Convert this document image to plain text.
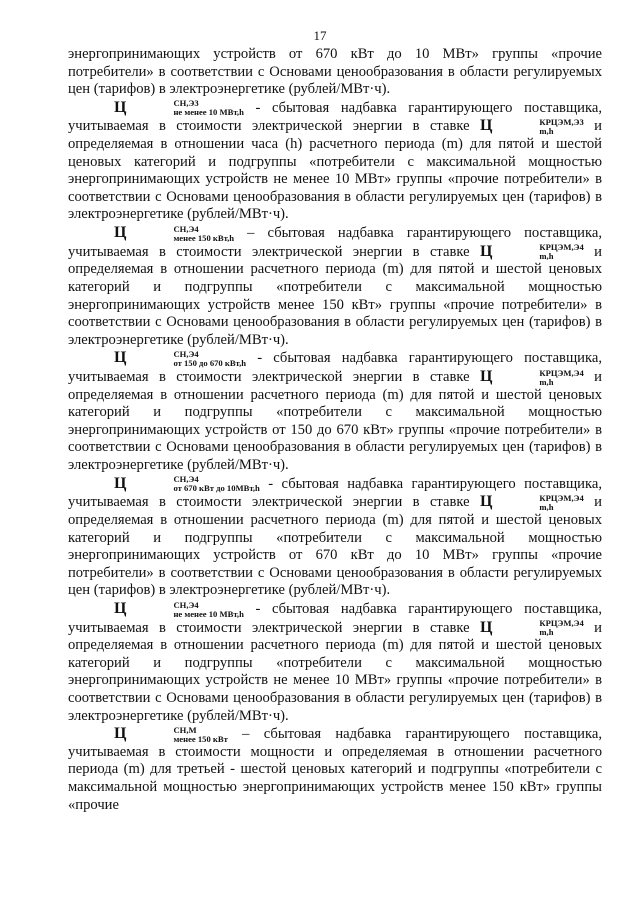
17

энергопринимающих устройств от 670 кВт до 10 МВт» группы «прочие потребители» в соответствии с Основами ценообразования в области регулируемых цен (тарифов) в электроэнергетике (рублей/МВт·ч).

Ц	СН,Э3
не менее 10 МВт,h - сбытовая надбавка гарантирующего поставщика, учитываемая в стоимости электрической энергии в ставке Ц	КРЦЭМ,Э3
m,h	и определяемая в отношении часа (h) расчетного периода (m) для пятой и шестой ценовых категорий и подгруппы «потребители с максимальной мощностью энергопринимающих устройств не менее 10 МВт» группы «прочие потребители» в соответствии с Основами ценообразования в области регулируемых цен (тарифов) в электроэнергетике (рублей/МВт·ч).

Ц	СН,Э4
менее 150 кВт,h – сбытовая надбавка гарантирующего поставщика, учитываемая в стоимости электрической энергии в ставке Ц	КРЦЭМ,Э4
m,h	и определяемая в отношении расчетного периода (m) для пятой и шестой ценовых категорий и подгруппы «потребители с максимальной мощностью энергопринимающих устройств менее 150 кВт» группы «прочие потребители» в соответствии с Основами ценообразования в области регулируемых цен (тарифов) в электроэнергетике (рублей/МВт·ч).

Ц	СН,Э4
от 150 до 670 кВт,h - сбытовая надбавка гарантирующего поставщика, учитываемая в стоимости электрической энергии в ставке Ц	КРЦЭМ,Э4
m,h	и определяемая в отношении расчетного периода (m) для пятой и шестой ценовых категорий и подгруппы «потребители с максимальной мощностью энергопринимающих устройств от 150 до 670 кВт» группы «прочие потребители» в соответствии с Основами ценообразования в области регулируемых цен (тарифов) в электроэнергетике (рублей/МВт·ч).

Ц	СН,Э4
от 670 кВт до 10МВт,h - сбытовая надбавка гарантирующего поставщика, учитываемая в стоимости электрической энергии в ставке Ц	КРЦЭМ,Э4
m,h	и определяемая в отношении расчетного периода (m) для пятой и шестой ценовых категорий и подгруппы «потребители с максимальной мощностью энергопринимающих устройств от 670 кВт до 10 МВт» группы «прочие потребители» в соответствии с Основами ценообразования в области регулируемых цен (тарифов) в электроэнергетике (рублей/МВт·ч).

Ц	СН,Э4
не менее 10 МВт,h - сбытовая надбавка гарантирующего поставщика, учитываемая в стоимости электрической энергии в ставке Ц	КРЦЭМ,Э4
m,h	и определяемая в отношении расчетного периода (m) для пятой и шестой ценовых категорий и подгруппы «потребители с максимальной мощностью энергопринимающих устройств не менее 10 МВт» группы «прочие потребители» в соответствии с Основами ценообразования в области регулируемых цен (тарифов) в электроэнергетике (рублей/МВт·ч).

Ц	СН,М
менее 150 кВт – сбытовая надбавка гарантирующего поставщика, учитываемая в стоимости мощности и определяемая в отношении расчетного периода (m) для третьей - шестой ценовых категорий и подгруппы «потребители с максимальной мощностью энергопринимающих устройств менее 150 кВт» группы «прочие
